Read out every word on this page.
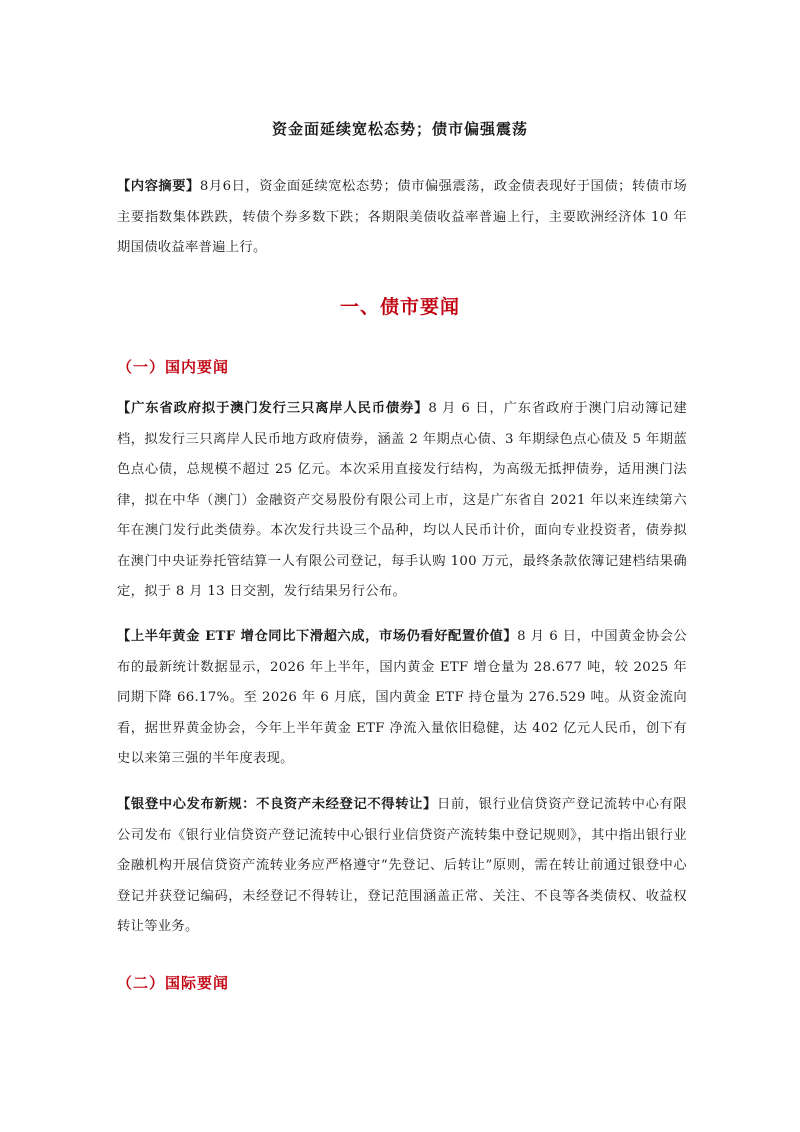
资金面延续宽松态势；债市偏强震荡
【内容摘要】8月6日，资金面延续宽松态势；债市偏强震荡，政金债表现好于国债；转债市场主要指数集体跌跌，转债个券多数下跌；各期限美债收益率普遍上行，主要欧洲经济体 10 年期国债收益率普遍上行。
一、债市要闻
（一）国内要闻
【广东省政府拟于澳门发行三只离岸人民币债券】8 月 6 日，广东省政府于澳门启动簿记建档，拟发行三只离岸人民币地方政府债券，涵盖 2 年期点心债、3 年期绿色点心债及 5 年期蓝色点心债，总规模不超过 25 亿元。本次采用直接发行结构，为高级无抵押债券，适用澳门法律，拟在中华（澳门）金融资产交易股份有限公司上市，这是广东省自 2021 年以来连续第六年在澳门发行此类债券。本次发行共设三个品种，均以人民币计价，面向专业投资者，债券拟在澳门中央证券托管结算一人有限公司登记，每手认购 100 万元，最终条款依簿记建档结果确定，拟于 8 月 13 日交割，发行结果另行公布。
【上半年黄金 ETF 增仓同比下滑超六成，市场仍看好配置价值】8 月 6 日，中国黄金协会公布的最新统计数据显示，2026 年上半年，国内黄金 ETF 增仓量为 28.677 吨，较 2025 年同期下降 66.17%。至 2026 年 6 月底，国内黄金 ETF 持仓量为 276.529 吨。从资金流向看，据世界黄金协会，今年上半年黄金 ETF 净流入量依旧稳健，达 402 亿元人民币，创下有史以来第三强的半年度表现。
【银登中心发布新规：不良资产未经登记不得转让】日前，银行业信贷资产登记流转中心有限公司发布《银行业信贷资产登记流转中心银行业信贷资产流转集中登记规则》，其中指出银行业金融机构开展信贷资产流转业务应严格遵守“先登记、后转让”原则，需在转让前通过银登中心登记并获登记编码，未经登记不得转让，登记范围涵盖正常、关注、不良等各类债权、收益权转让等业务。
（二）国际要闻
